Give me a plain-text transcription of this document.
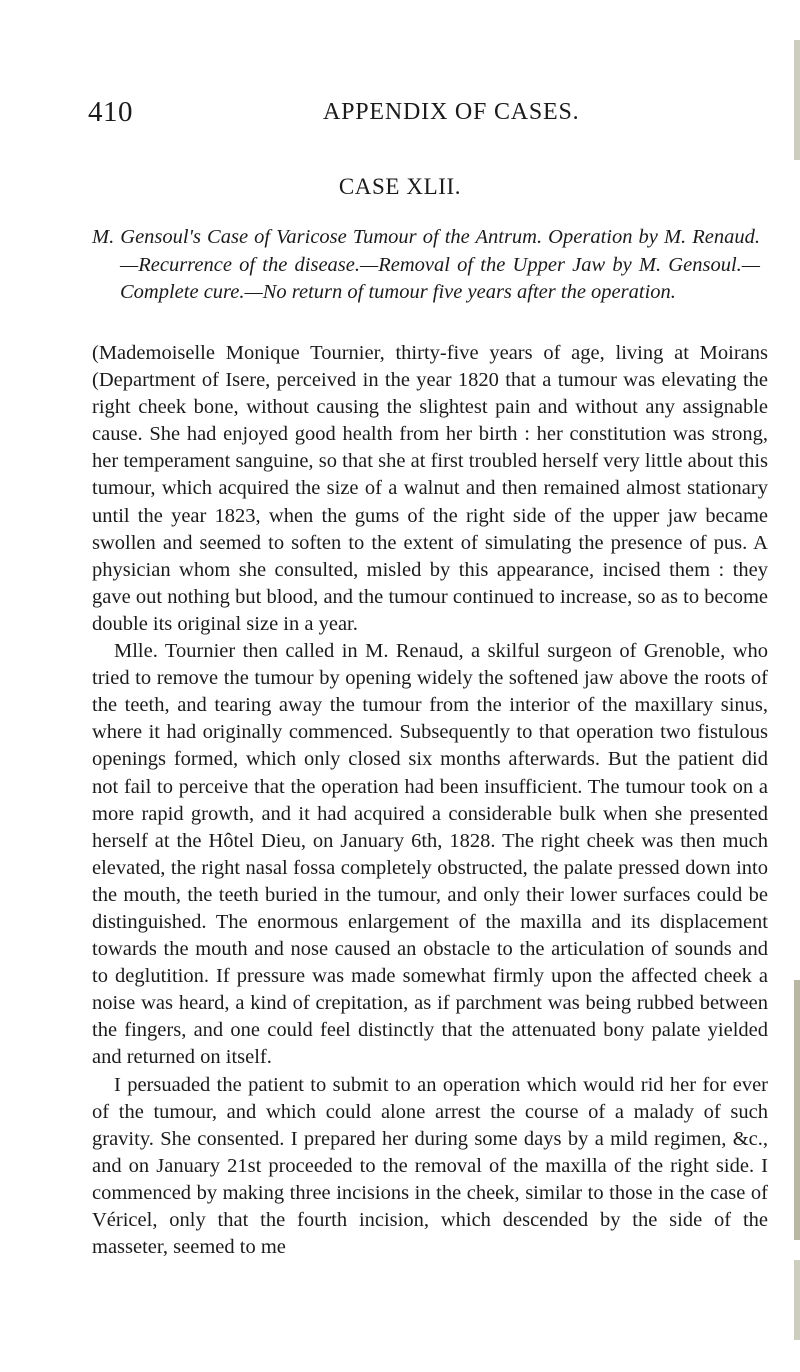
410	APPENDIX OF CASES.
CASE XLII.

M. Gensoul's Case of Varicose Tumour of the Antrum. Operation by M. Renaud.—Recurrence of the disease.—Removal of the Upper Jaw by M. Gensoul.—Complete cure.—No return of tumour five years after the operation.

(Mademoiselle Monique Tournier, thirty-five years of age, living at Moirans (Department of Isere, perceived in the year 1820 that a tumour was elevating the right cheek bone, without causing the slightest pain and without any assignable cause. She had enjoyed good health from her birth : her constitution was strong, her temperament sanguine, so that she at first troubled herself very little about this tumour, which acquired the size of a walnut and then remained almost stationary until the year 1823, when the gums of the right side of the upper jaw became swollen and seemed to soften to the extent of simulating the presence of pus. A physician whom she consulted, misled by this appearance, incised them : they gave out nothing but blood, and the tumour continued to increase, so as to become double its original size in a year.

Mlle. Tournier then called in M. Renaud, a skilful surgeon of Grenoble, who tried to remove the tumour by opening widely the softened jaw above the roots of the teeth, and tearing away the tumour from the interior of the maxillary sinus, where it had originally commenced. Subsequently to that operation two fistulous openings formed, which only closed six months afterwards. But the patient did not fail to perceive that the operation had been insufficient. The tumour took on a more rapid growth, and it had acquired a considerable bulk when she presented herself at the Hôtel Dieu, on January 6th, 1828. The right cheek was then much elevated, the right nasal fossa completely obstructed, the palate pressed down into the mouth, the teeth buried in the tumour, and only their lower surfaces could be distinguished. The enormous enlargement of the maxilla and its displacement towards the mouth and nose caused an obstacle to the articulation of sounds and to deglutition. If pressure was made somewhat firmly upon the affected cheek a noise was heard, a kind of crepitation, as if parchment was being rubbed between the fingers, and one could feel distinctly that the attenuated bony palate yielded and returned on itself.

I persuaded the patient to submit to an operation which would rid her for ever of the tumour, and which could alone arrest the course of a malady of such gravity. She consented. I prepared her during some days by a mild regimen, &c., and on January 21st proceeded to the removal of the maxilla of the right side. I commenced by making three incisions in the cheek, similar to those in the case of Véricel, only that the fourth incision, which descended by the side of the masseter, seemed to me
